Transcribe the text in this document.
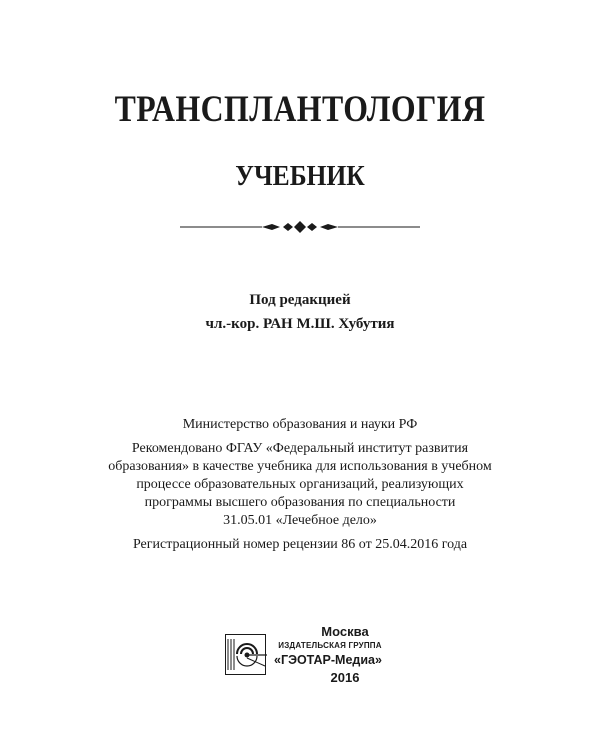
ТРАНСПЛАНТОЛОГИЯ
УЧЕБНИК
Под редакцией
чл.-кор. РАН М.Ш. Хубутия
Министерство образования и науки РФ
Рекомендовано ФГАУ «Федеральный институт развития
образования» в качестве учебника для использования в учебном
процессе образовательных организаций, реализующих
программы высшего образования по специальности
31.05.01 «Лечебное дело»
Регистрационный номер рецензии 86 от 25.04.2016 года
Москва
ИЗДАТЕЛЬСКАЯ ГРУППА
«ГЭОТАР-Медиа»
2016
